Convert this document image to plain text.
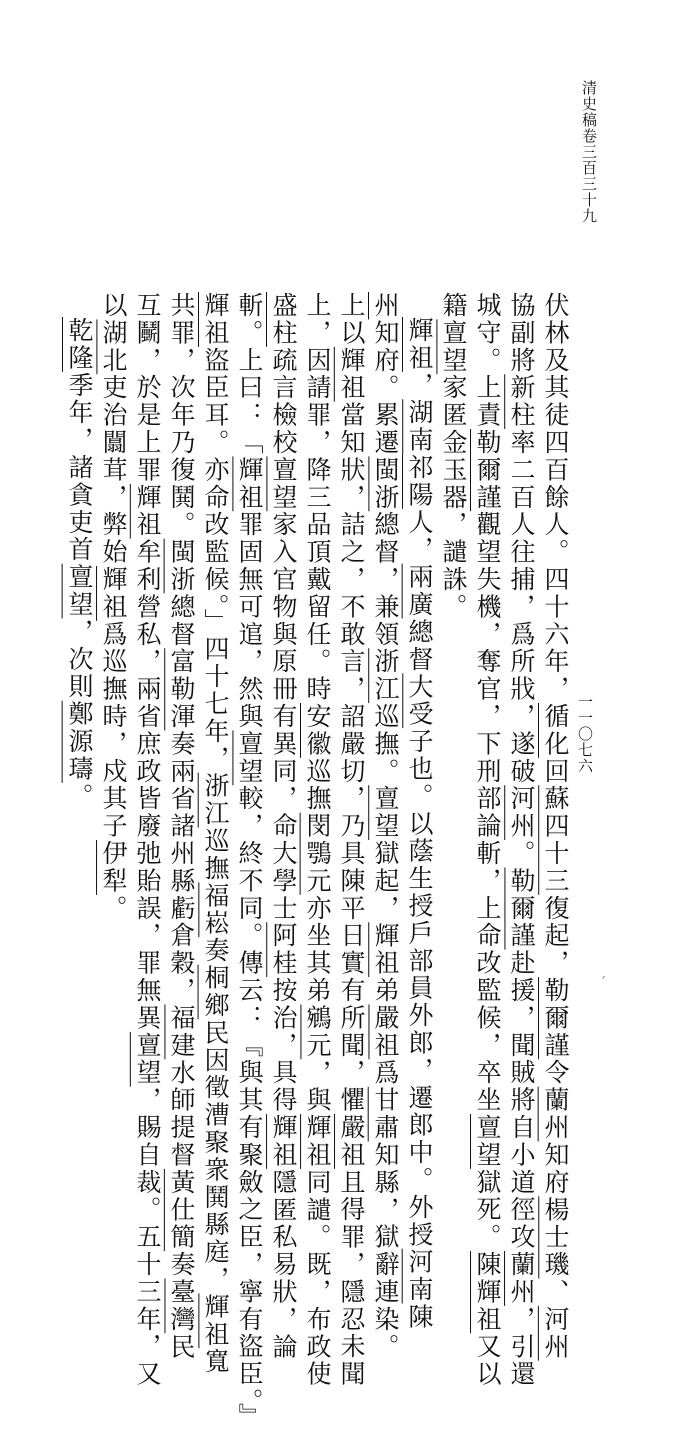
清史稿卷三百三十九
一一〇七六
伏林及其徒四百餘人。四十六年，循化回蘇四十三復起，勒爾謹令蘭州知府楊士璣、河州
協副將新柱率二百人往捕，爲所戕，遂破河州。勒爾謹赴援，聞賊將自小道徑攻蘭州，引還
城守。上責勒爾謹觀望失機，奪官，下刑部論斬，上命改監候，卒坐亶望獄死。陳輝祖又以
籍亶望家匿金玉器，譴誅。
輝祖，湖南祁陽人，兩廣總督大受子也。以蔭生授戶部員外郎，遷郎中。外授河南陳
州知府。累遷閩浙總督，兼領浙江巡撫。亶望獄起，輝祖弟嚴祖爲甘肅知縣，獄辭連染。
上以輝祖當知狀，詰之，不敢言，詔嚴切，乃具陳平日實有所聞，懼嚴祖且得罪，隱忍未聞
上，因請罪，降三品頂戴留任。時安徽巡撫閔鶚元亦坐其弟鵷元，與輝祖同譴。既，布政使
盛柱疏言檢校亶望家入官物與原冊有異同，命大學士阿桂按治，具得輝祖隱匿私易狀，論
斬。上曰：「輝祖罪固無可逭，然與亶望較，終不同。傳云：『與其有聚斂之臣，寧有盜臣。』
輝祖盜臣耳。亦命改監候。」四十七年，浙江巡撫福崧奏桐鄉民因徵漕聚衆鬨縣庭，輝祖寬
共罪，次年乃復鬨。閩浙總督富勒渾奏兩省諸州縣虧倉穀，福建水師提督黃仕簡奏臺灣民
互鬭，於是上罪輝祖牟利營私，兩省庶政皆廢弛貽誤，罪無異亶望，賜自裁。五十三年，又
以湖北吏治闒茸，弊始輝祖爲巡撫時，戍其子伊犁。
乾隆季年，諸貪吏首亶望，次則鄭源璹。
´
